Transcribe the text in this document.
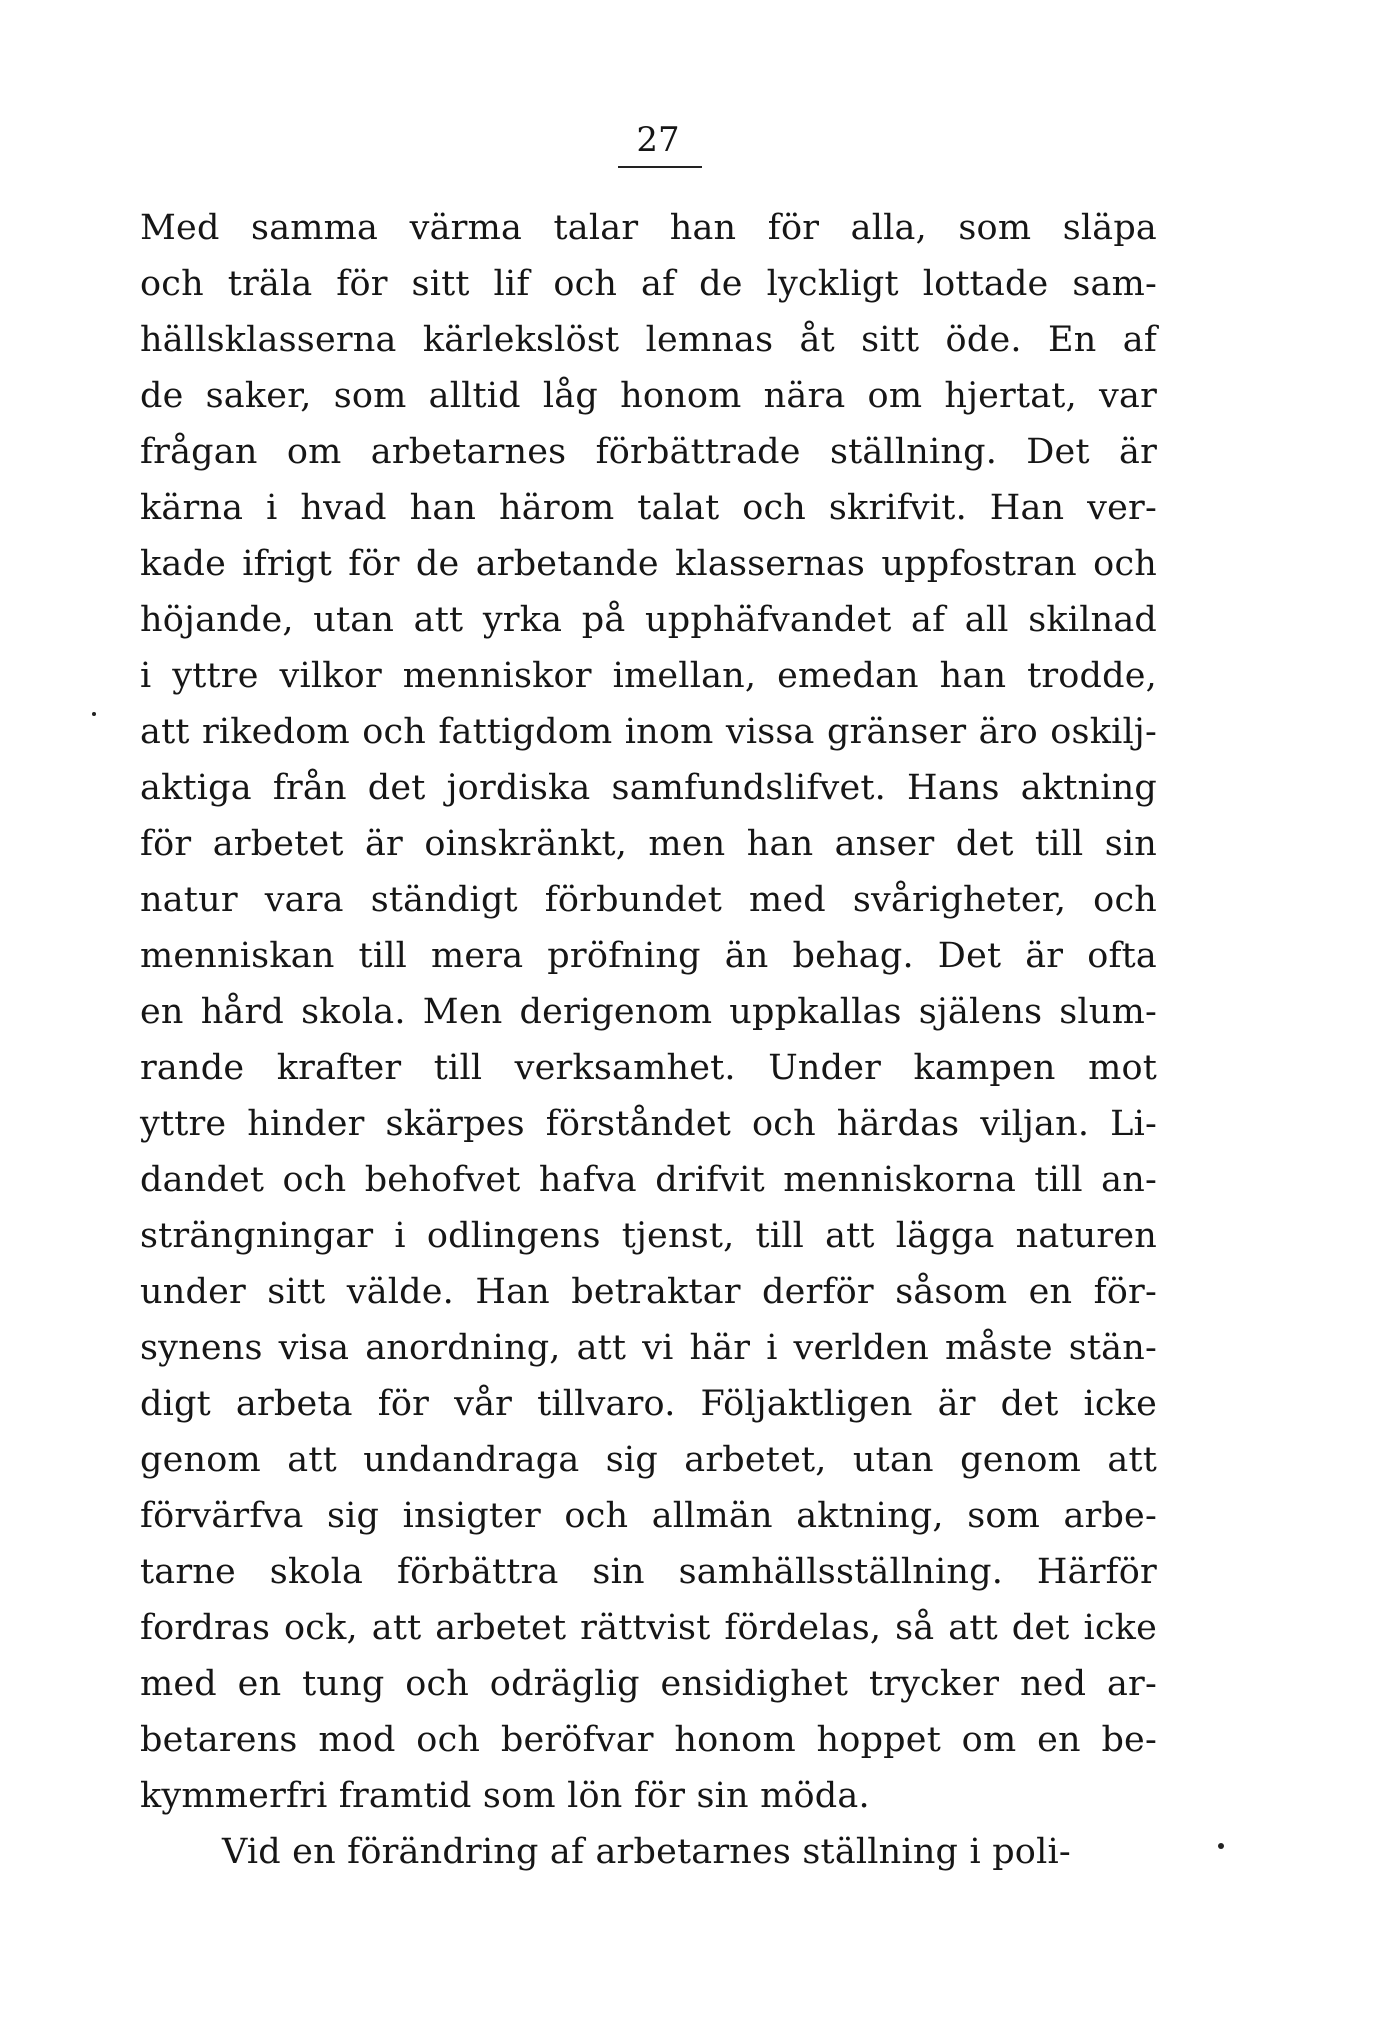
27
Med samma värma talar han för alla, som släpa
och träla för sitt lif och af de lyckligt lottade sam-
hällsklasserna kärlekslöst lemnas åt sitt öde. En af
de saker, som alltid låg honom nära om hjertat, var
frågan om arbetarnes förbättrade ställning. Det är
kärna i hvad han härom talat och skrifvit. Han ver-
kade ifrigt för de arbetande klassernas uppfostran och
höjande, utan att yrka på upphäfvandet af all skilnad
i yttre vilkor menniskor imellan, emedan han trodde,
att rikedom och fattigdom inom vissa gränser äro oskilj-
aktiga från det jordiska samfundslifvet. Hans aktning
för arbetet är oinskränkt, men han anser det till sin
natur vara ständigt förbundet med svårigheter, och
menniskan till mera pröfning än behag. Det är ofta
en hård skola. Men derigenom uppkallas själens slum-
rande krafter till verksamhet. Under kampen mot
yttre hinder skärpes förståndet och härdas viljan. Li-
dandet och behofvet hafva drifvit menniskorna till an-
strängningar i odlingens tjenst, till att lägga naturen
under sitt välde. Han betraktar derför såsom en för-
synens visa anordning, att vi här i verlden måste stän-
digt arbeta för vår tillvaro. Följaktligen är det icke
genom att undandraga sig arbetet, utan genom att
förvärfva sig insigter och allmän aktning, som arbe-
tarne skola förbättra sin samhällsställning. Härför
fordras ock, att arbetet rättvist fördelas, så att det icke
med en tung och odräglig ensidighet trycker ned ar-
betarens mod och beröfvar honom hoppet om en be-
kymmerfri framtid som lön för sin möda.
Vid en förändring af arbetarnes ställning i poli-
